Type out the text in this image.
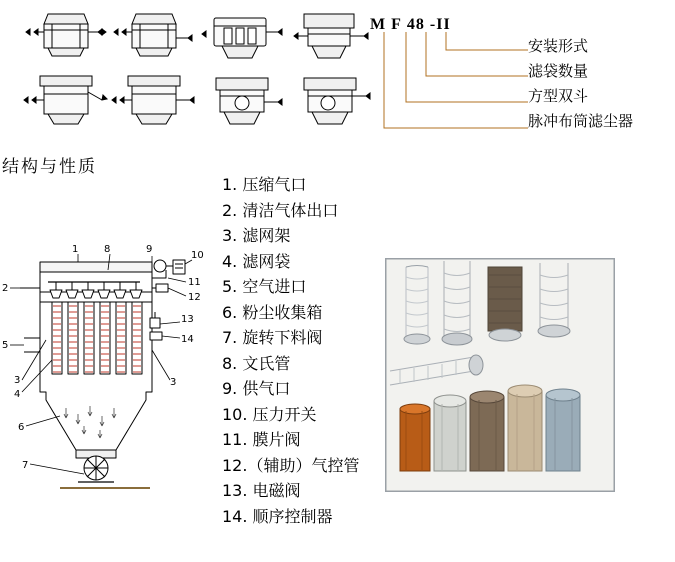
M F 48 -II
安装形式
滤袋数量
方型双斗
脉冲布筒滤尘器
结构与性质
1. 压缩气口
2. 清洁气体出口
3. 滤网架
4. 滤网袋
5. 空气进口
6. 粉尘收集箱
7. 旋转下料阀
8. 文氏管
9. 供气口
10. 压力开关
11. 膜片阀
12.（辅助）气控管
13. 电磁阀
14. 顺序控制器
1	8	9
10
11
12
13
14
2
5
3
4
3
6
7
